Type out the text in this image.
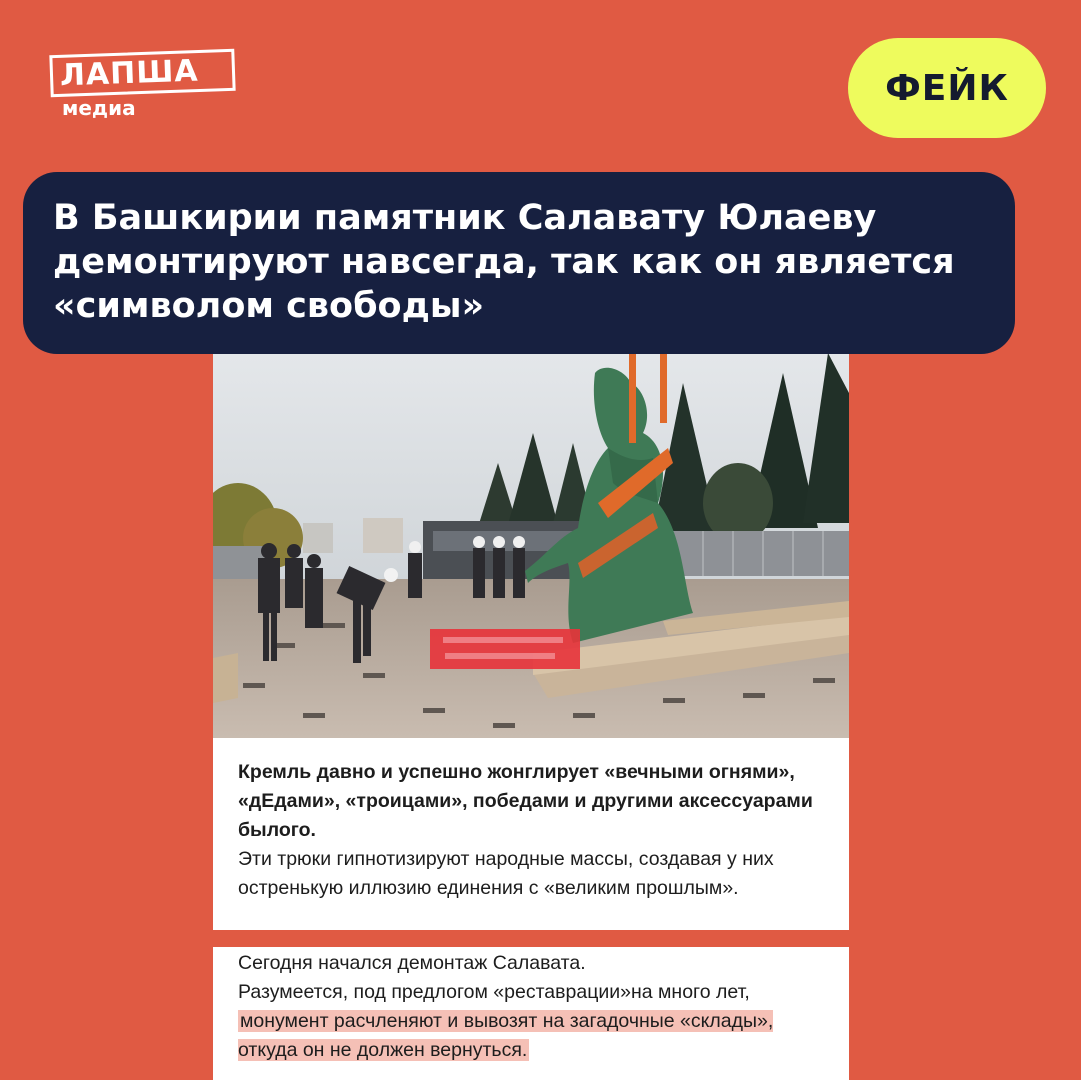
ЛАПША
медиа	ФЕЙК

В Башкирии памятник Салавату Юлаеву демонтируют навсегда, так как он является «символом свободы»

Кремль давно и успешно жонглирует «вечными огнями», «дЕдами», «троицами», победами и другими аксессуарами былого.

Эти трюки гипнотизируют народные массы, создавая у них остренькую иллюзию единения с «великим прошлым».

Сегодня начался демонтаж Салавата.

Разумеется, под предлогом «реставрации»на много лет, монумент расчленяют и вывозят на загадочные «склады», откуда он не должен вернуться.
